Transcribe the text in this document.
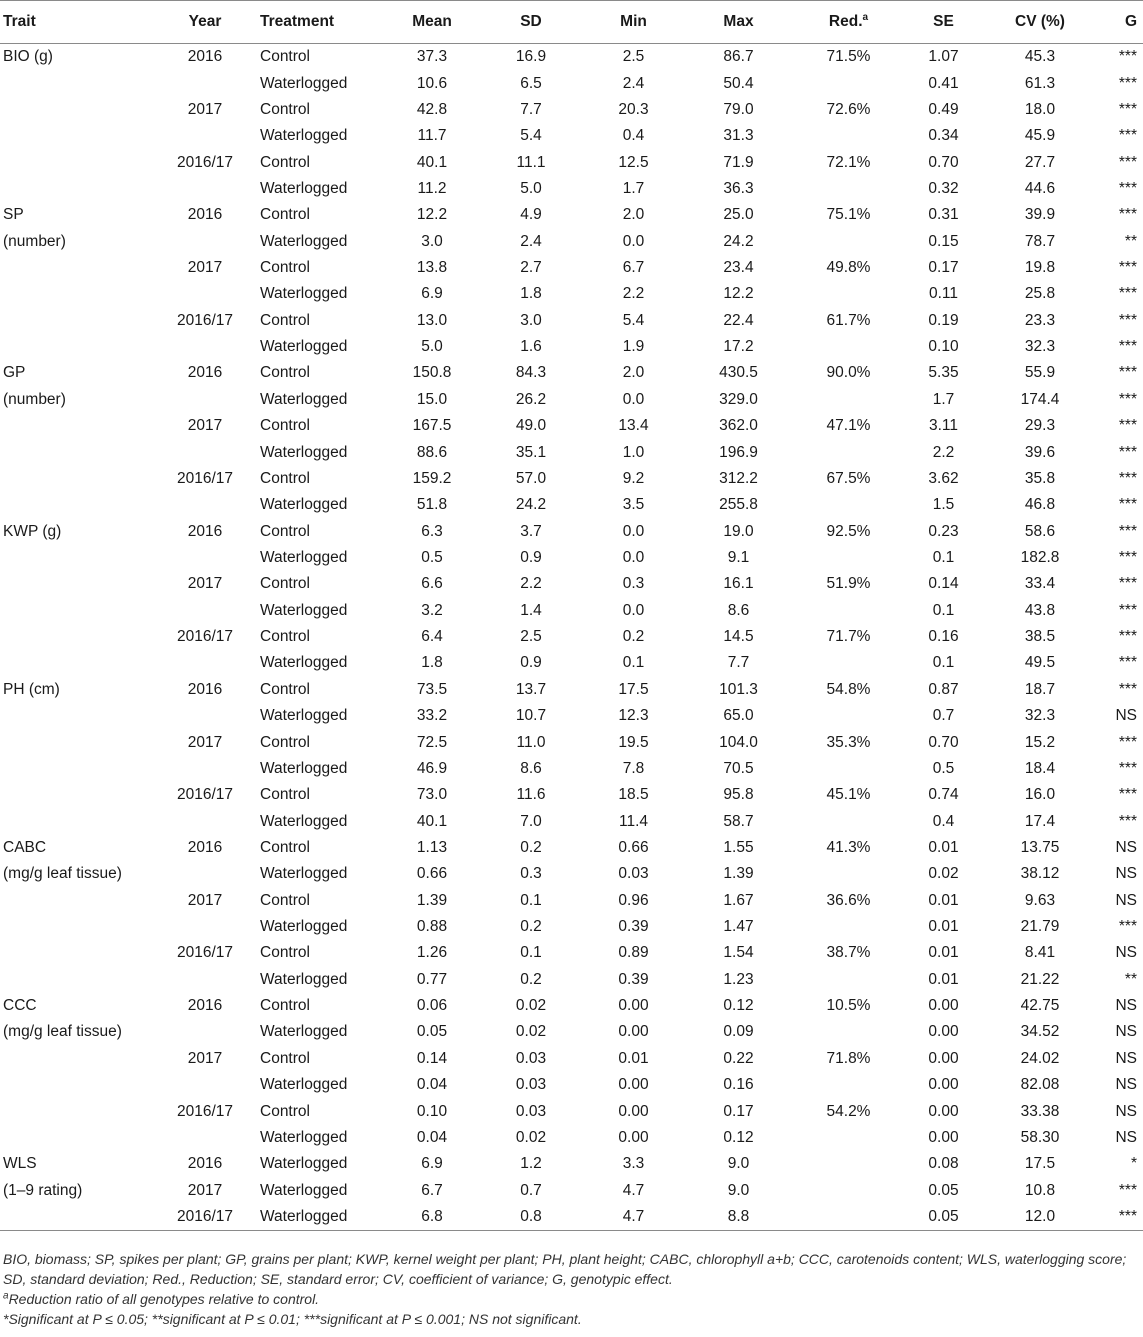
Trait	Year	Treatment	Mean	SD	Min	Max	Red.$^a$	SE	CV (%)	G
BIO (g)	2016	Control	37.3	16.9	2.5	86.7	71.5%	1.07	45.3	***
		Waterlogged	10.6	6.5	2.4	50.4		0.41	61.3	***
	2017	Control	42.8	7.7	20.3	79.0	72.6%	0.49	18.0	***
		Waterlogged	11.7	5.4	0.4	31.3		0.34	45.9	***
	2016/17	Control	40.1	11.1	12.5	71.9	72.1%	0.70	27.7	***
		Waterlogged	11.2	5.0	1.7	36.3		0.32	44.6	***
SP	2016	Control	12.2	4.9	2.0	25.0	75.1%	0.31	39.9	***
(number)		Waterlogged	3.0	2.4	0.0	24.2		0.15	78.7	**
	2017	Control	13.8	2.7	6.7	23.4	49.8%	0.17	19.8	***
		Waterlogged	6.9	1.8	2.2	12.2		0.11	25.8	***
	2016/17	Control	13.0	3.0	5.4	22.4	61.7%	0.19	23.3	***
		Waterlogged	5.0	1.6	1.9	17.2		0.10	32.3	***
GP	2016	Control	150.8	84.3	2.0	430.5	90.0%	5.35	55.9	***
(number)		Waterlogged	15.0	26.2	0.0	329.0		1.7	174.4	***
	2017	Control	167.5	49.0	13.4	362.0	47.1%	3.11	29.3	***
		Waterlogged	88.6	35.1	1.0	196.9		2.2	39.6	***
	2016/17	Control	159.2	57.0	9.2	312.2	67.5%	3.62	35.8	***
		Waterlogged	51.8	24.2	3.5	255.8		1.5	46.8	***
KWP (g)	2016	Control	6.3	3.7	0.0	19.0	92.5%	0.23	58.6	***
		Waterlogged	0.5	0.9	0.0	9.1		0.1	182.8	***
	2017	Control	6.6	2.2	0.3	16.1	51.9%	0.14	33.4	***
		Waterlogged	3.2	1.4	0.0	8.6		0.1	43.8	***
	2016/17	Control	6.4	2.5	0.2	14.5	71.7%	0.16	38.5	***
		Waterlogged	1.8	0.9	0.1	7.7		0.1	49.5	***
PH (cm)	2016	Control	73.5	13.7	17.5	101.3	54.8%	0.87	18.7	***
		Waterlogged	33.2	10.7	12.3	65.0		0.7	32.3	NS
	2017	Control	72.5	11.0	19.5	104.0	35.3%	0.70	15.2	***
		Waterlogged	46.9	8.6	7.8	70.5		0.5	18.4	***
	2016/17	Control	73.0	11.6	18.5	95.8	45.1%	0.74	16.0	***
		Waterlogged	40.1	7.0	11.4	58.7		0.4	17.4	***
CABC	2016	Control	1.13	0.2	0.66	1.55	41.3%	0.01	13.75	NS
(mg/g leaf tissue)		Waterlogged	0.66	0.3	0.03	1.39		0.02	38.12	NS
	2017	Control	1.39	0.1	0.96	1.67	36.6%	0.01	9.63	NS
		Waterlogged	0.88	0.2	0.39	1.47		0.01	21.79	***
	2016/17	Control	1.26	0.1	0.89	1.54	38.7%	0.01	8.41	NS
		Waterlogged	0.77	0.2	0.39	1.23		0.01	21.22	**
CCC	2016	Control	0.06	0.02	0.00	0.12	10.5%	0.00	42.75	NS
(mg/g leaf tissue)		Waterlogged	0.05	0.02	0.00	0.09		0.00	34.52	NS
	2017	Control	0.14	0.03	0.01	0.22	71.8%	0.00	24.02	NS
		Waterlogged	0.04	0.03	0.00	0.16		0.00	82.08	NS
	2016/17	Control	0.10	0.03	0.00	0.17	54.2%	0.00	33.38	NS
		Waterlogged	0.04	0.02	0.00	0.12		0.00	58.30	NS
WLS	2016	Waterlogged	6.9	1.2	3.3	9.0		0.08	17.5	*
(1–9 rating)	2017	Waterlogged	6.7	0.7	4.7	9.0		0.05	10.8	***
	2016/17	Waterlogged	6.8	0.8	4.7	8.8		0.05	12.0	***

BIO, biomass; SP, spikes per plant; GP, grains per plant; KWP, kernel weight per plant; PH, plant height; CABC, chlorophyll a+b; CCC, carotenoids content; WLS, waterlogging score; SD, standard deviation; Red., Reduction; SE, standard error; CV, coefficient of variance; G, genotypic effect.

$^a$Reduction ratio of all genotypes relative to control.

*Significant at P ≤ 0.05; **significant at P ≤ 0.01; ***significant at P ≤ 0.001; NS not significant.
